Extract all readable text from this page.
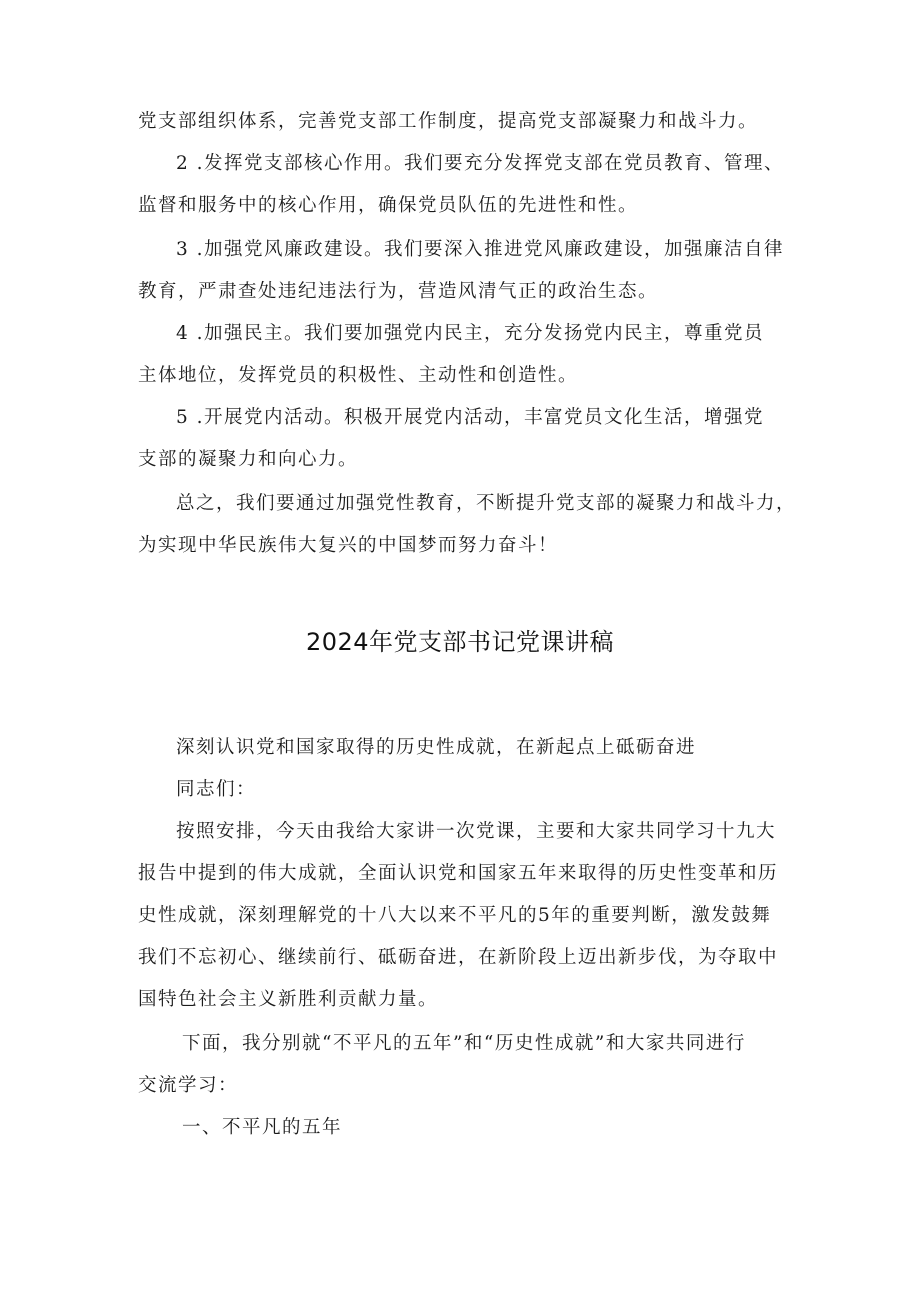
党支部组织体系，完善党支部工作制度，提高党支部凝聚力和战斗力。
2 .发挥党支部核心作用。我们要充分发挥党支部在党员教育、管理、
监督和服务中的核心作用，确保党员队伍的先进性和性。
3 .加强党风廉政建设。我们要深入推进党风廉政建设，加强廉洁自律
教育，严肃查处违纪违法行为，营造风清气正的政治生态。
4 .加强民主。我们要加强党内民主，充分发扬党内民主，尊重党员
主体地位，发挥党员的积极性、主动性和创造性。
5 .开展党内活动。积极开展党内活动，丰富党员文化生活，增强党
支部的凝聚力和向心力。
总之，我们要通过加强党性教育，不断提升党支部的凝聚力和战斗力，
为实现中华民族伟大复兴的中国梦而努力奋斗！
2024年党支部书记党课讲稿
深刻认识党和国家取得的历史性成就，在新起点上砥砺奋进
同志们：
按照安排，今天由我给大家讲一次党课，主要和大家共同学习十九大
报告中提到的伟大成就，全面认识党和国家五年来取得的历史性变革和历
史性成就，深刻理解党的十八大以来不平凡的5年的重要判断，激发鼓舞
我们不忘初心、继续前行、砥砺奋进，在新阶段上迈出新步伐，为夺取中
国特色社会主义新胜利贡献力量。
下面，我分别就“不平凡的五年”和“历史性成就”和大家共同进行
交流学习：
一、不平凡的五年
